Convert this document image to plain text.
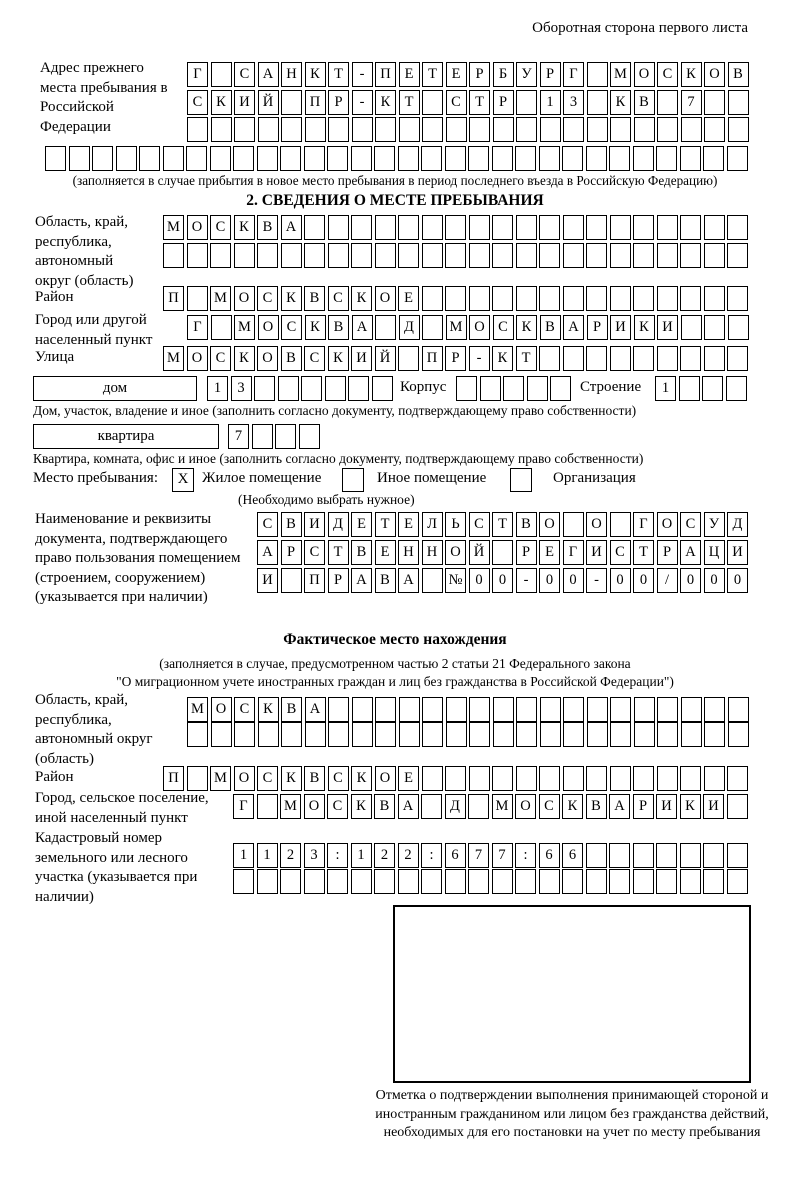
Оборотная сторона первого листа
Адрес прежнего места пребывания в Российской Федерации
Г	С А Н К Т	-	П Е	Т	Е	Р	Б У Р	Г	М О С К О В
С К И Й	П Р	-	К Т	С Т	Р	1	3	К В	7
(заполняется в случае прибытия в новое место пребывания в период последнего въезда в Российскую Федерацию)
2. СВЕДЕНИЯ О МЕСТЕ ПРЕБЫВАНИЯ
Область, край, республика, автономный округ (область)
М О С К В А
Район	П	М О С К В С К О Е
Город или другой населенный пункт
Г	М О С К В А	Д	М О С К В А Р И К И
Улица	М О С К О В С К И Й	П Р	-	К Т
дом	1	3	Корпус	Строение	1
Дом, участок, владение и иное (заполнить согласно документу, подтверждающему право собственности)
квартира	7
Квартира, комната, офис и иное (заполнить согласно документу, подтверждающему право собственности)
Место пребывания:	X Жилое помещение	Иное помещение	Организация
(Необходимо выбрать нужное)
Наименование и реквизиты документа, подтверждающего право пользования помещением (строением, сооружением) (указывается при наличии)
С В И Д Е	Т	Е Л Ь	С Т В О	О	Г О С У Д
А Р	С Т В Е Н Н О Й	Р	Е	Г И С Т	Р А Ц И
И	П Р А В А	№ 0	0	-	0	0	-	0	0	/	0	0	0
Фактическое место нахождения
(заполняется в случае, предусмотренном частью 2 статьи 21 Федерального закона
"О миграционном учете иностранных граждан и лиц без гражданства в Российской Федерации")
Область, край, республика, автономный округ (область)
М О С К В А
Район	П	М О С К В С К О Е
Город, сельское поселение, иной населенный пункт
Г	М О С К В А	Д	М О С К В А Р И К И
Кадастровый номер земельного или лесного участка (указывается при наличии)
1	1	2	3	:	1	2	2	:	6	7	7	:	6	6
Отметка о подтверждении выполнения принимающей стороной и иностранным гражданином или лицом без гражданства действий, необходимых для его постановки на учет по месту пребывания
